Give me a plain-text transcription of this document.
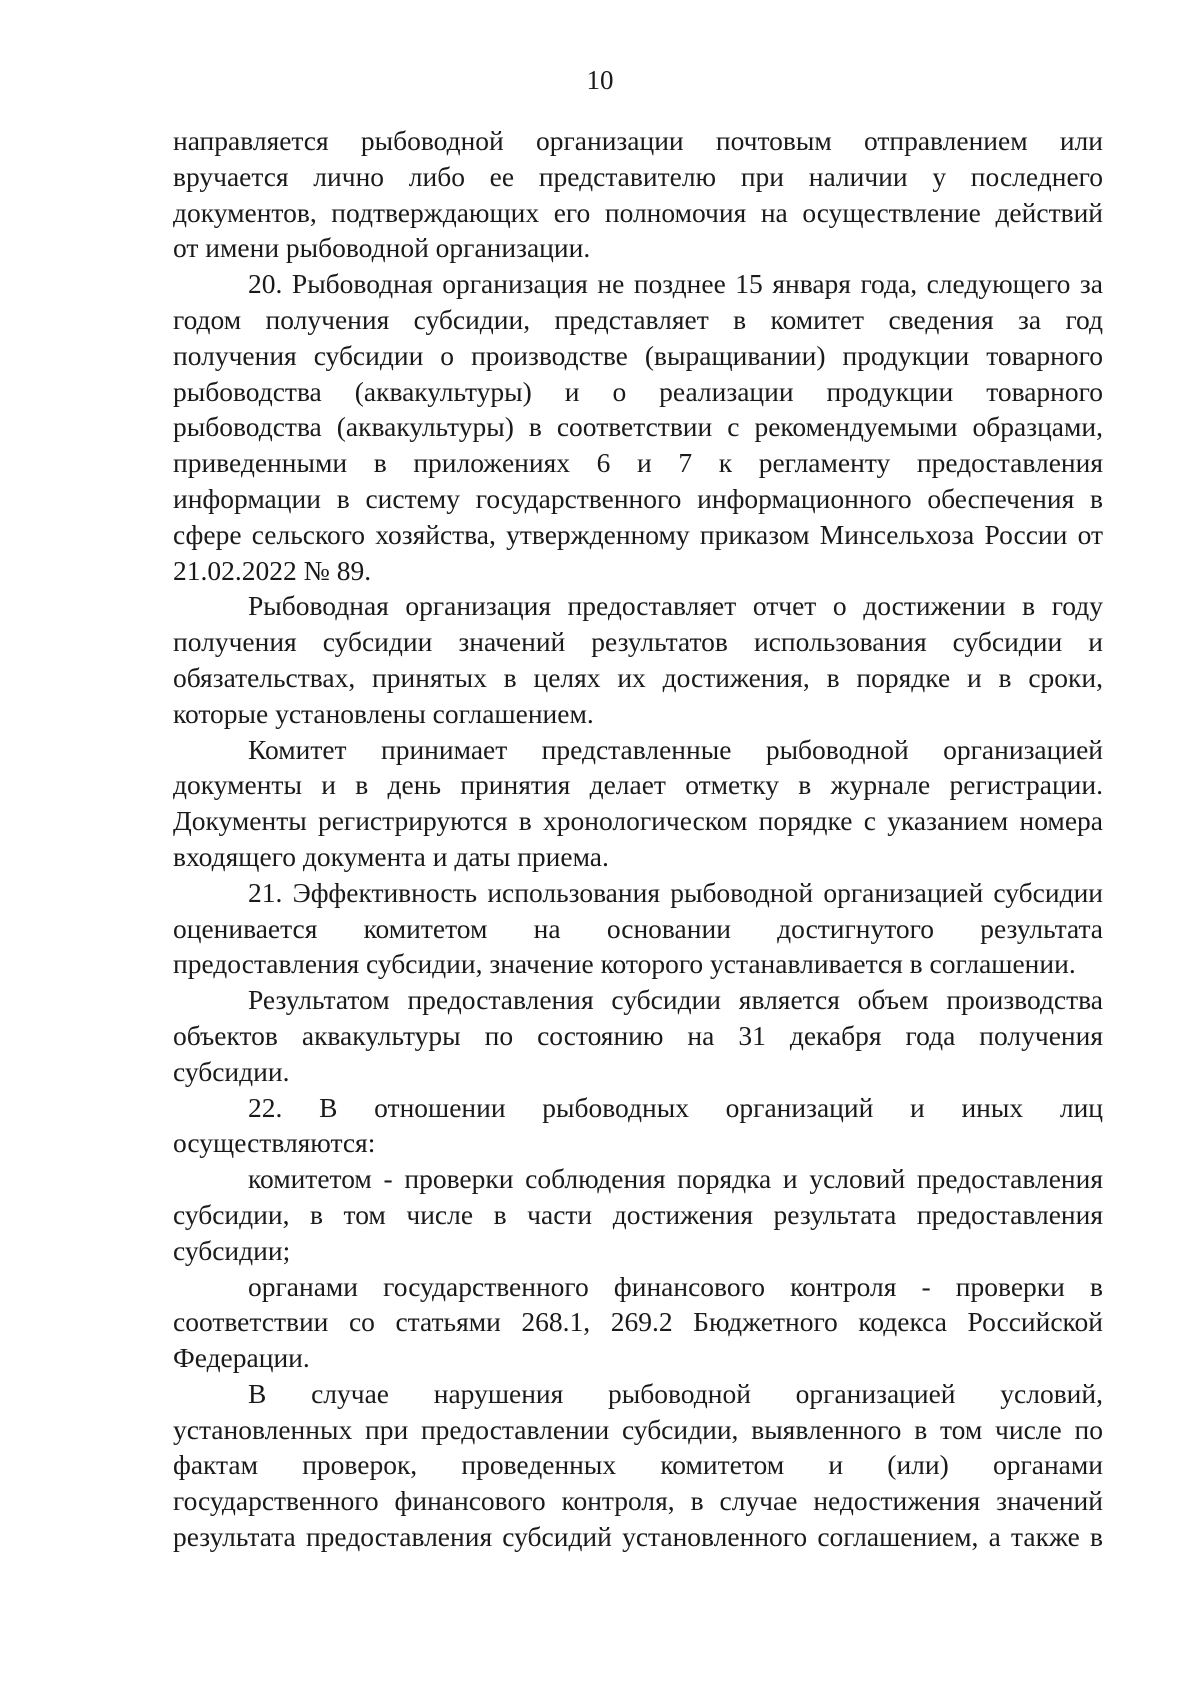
10
направляется рыбоводной организации почтовым отправлением или
вручается лично либо ее представителю при наличии у последнего
документов, подтверждающих его полномочия на осуществление действий
от имени рыбоводной организации.
20. Рыбоводная организация не позднее 15 января года, следующего за
годом получения субсидии, представляет в комитет сведения за год
получения субсидии о производстве (выращивании) продукции товарного
рыбоводства (аквакультуры) и о реализации продукции товарного
рыбоводства (аквакультуры) в соответствии с рекомендуемыми образцами,
приведенными в приложениях 6 и 7 к регламенту предоставления
информации в систему государственного информационного обеспечения в
сфере сельского хозяйства, утвержденному приказом Минсельхоза России от
21.02.2022 № 89.
Рыбоводная организация предоставляет отчет о достижении в году
получения субсидии значений результатов использования субсидии и
обязательствах, принятых в целях их достижения, в порядке и в сроки,
которые установлены соглашением.
Комитет принимает представленные рыбоводной организацией
документы и в день принятия делает отметку в журнале регистрации.
Документы регистрируются в хронологическом порядке с указанием номера
входящего документа и даты приема.
21. Эффективность использования рыбоводной организацией субсидии
оценивается комитетом на основании достигнутого результата
предоставления субсидии, значение которого устанавливается в соглашении.
Результатом предоставления субсидии является объем производства
объектов аквакультуры по состоянию на 31 декабря года получения
субсидии.
22. В отношении рыбоводных организаций и иных лиц
осуществляются:
комитетом - проверки соблюдения порядка и условий предоставления
субсидии, в том числе в части достижения результата предоставления
субсидии;
органами государственного финансового контроля - проверки в
соответствии со статьями 268.1, 269.2 Бюджетного кодекса Российской
Федерации.
В случае нарушения рыбоводной организацией условий,
установленных при предоставлении субсидии, выявленного в том числе по
фактам проверок, проведенных комитетом и (или) органами
государственного финансового контроля, в случае недостижения значений
результата предоставления субсидий установленного соглашением, а также в
